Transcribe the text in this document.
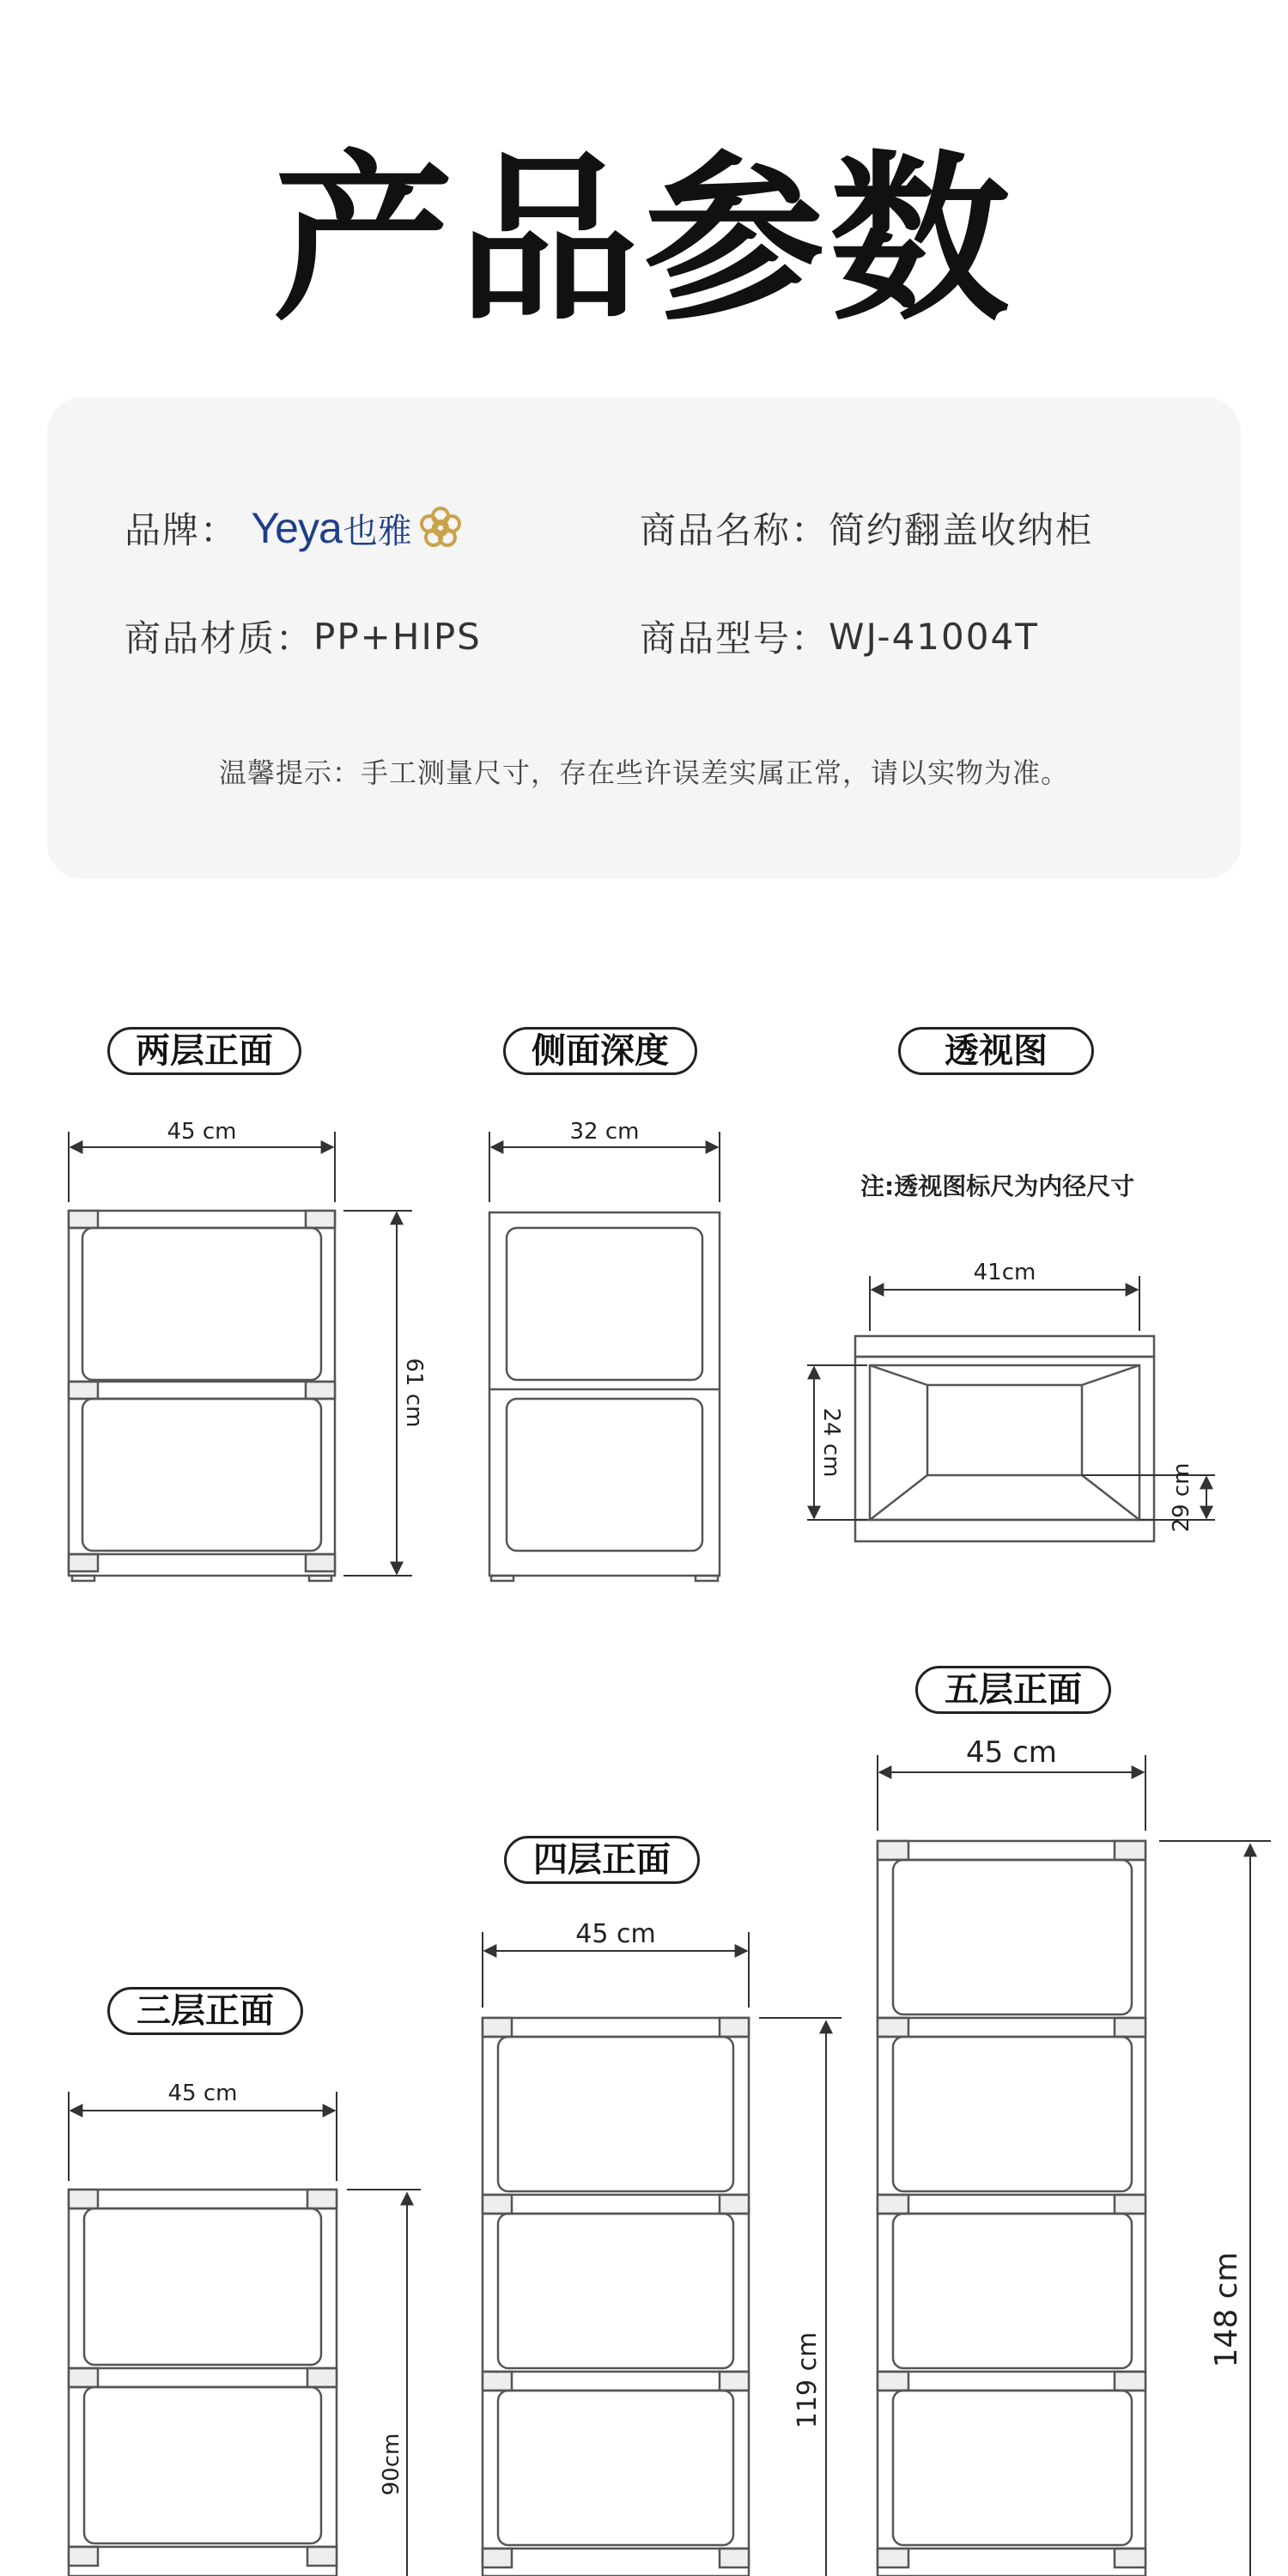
产品参数
品牌： Yeya 也雅	商品名称：简约翻盖收纳柜
商品材质：PP+HIPS	商品型号：WJ-41004T
温馨提示：手工测量尺寸，存在些许误差实属正常，请以实物为准。
两层正面	侧面深度	透视图
注:透视图标尺为内径尺寸
五层正面
四层正面
三层正面
45 cm
61 cm
32 cm
41cm
24 cm
29 cm
45 cm
148 cm
45 cm
119 cm
45 cm
90cm
